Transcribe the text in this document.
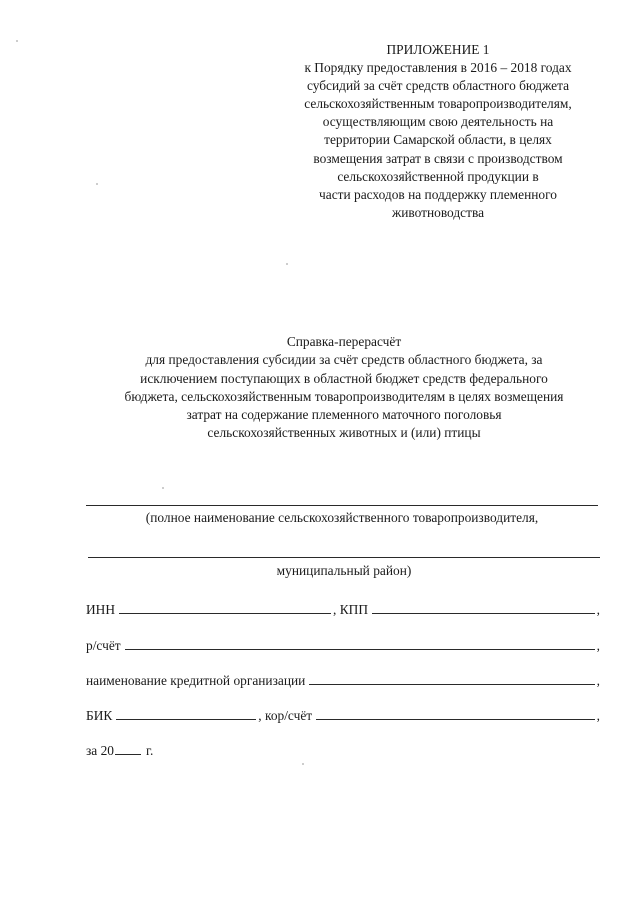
ПРИЛОЖЕНИЕ 1
к Порядку предоставления в 2016 – 2018 годах
субсидий за счёт средств областного бюджета
сельскохозяйственным товаропроизводителям,
осуществляющим свою деятельность на
территории Самарской области, в целях
возмещения затрат в связи с производством
сельскохозяйственной продукции в
части расходов на поддержку племенного
животноводства
Справка-перерасчёт
для предоставления субсидии за счёт средств областного бюджета, за
исключением поступающих в областной бюджет средств федерального
бюджета, сельскохозяйственным товаропроизводителям в целях возмещения
затрат на содержание племенного маточного поголовья
сельскохозяйственных животных и (или) птицы
(полное наименование сельскохозяйственного товаропроизводителя,
муниципальный район)
ИНН	, КПП	,
р/счёт	,
наименование кредитной организации	,
БИК	, кор/счёт	,
за 20 г.
